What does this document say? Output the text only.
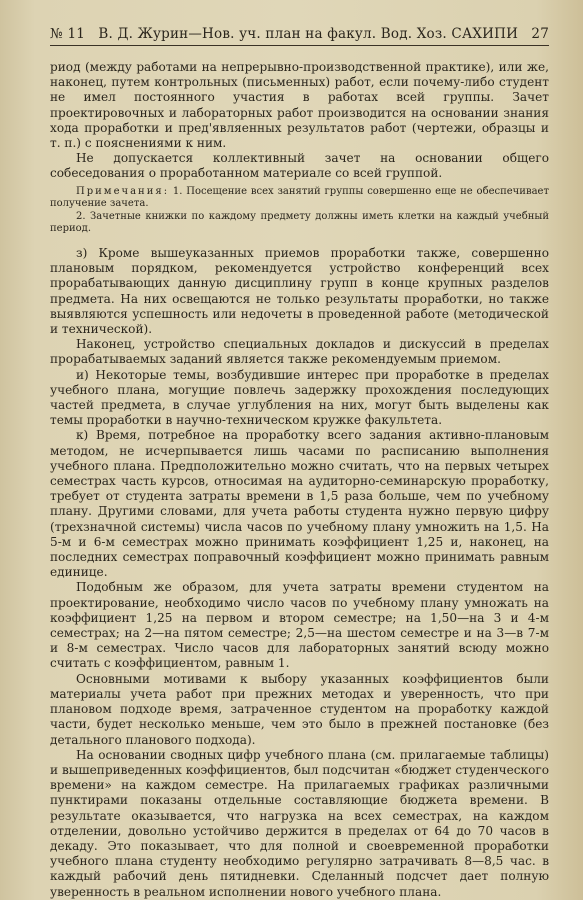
№ 11 В. Д. Журин—Нов. уч. план на факул. Вод. Хоз. САХИПИ 27

риод (между работами на непрерывно-производственной практике), или же, наконец, путем контрольных (письменных) работ, если почему-либо студент не имел постоянного участия в работах всей группы. Зачет проектировочных и лабораторных работ производится на основании знания хода проработки и пред'являенных результатов работ (чертежи, образцы и т. п.) с пояснениями к ним.

Не допускается коллективный зачет на основании общего собеседования о проработанном материале со всей группой.

Примечания: 1. Посещение всех занятий группы совершенно еще не обеспечивает получение зачета.

2. Зачетные книжки по каждому предмету должны иметь клетки на каждый учебный период.

з) Кроме вышеуказанных приемов проработки также, совершенно плановым порядком, рекомендуется устройство конференций всех прорабатывающих данную дисциплину групп в конце крупных разделов предмета. На них освещаются не только результаты проработки, но также выявляются успешность или недочеты в проведенной работе (методической и технической).

Наконец, устройство специальных докладов и дискуссий в пределах прорабатываемых заданий является также рекомендуемым приемом.

и) Некоторые темы, возбудившие интерес при проработке в пределах учебного плана, могущие повлечь задержку прохождения последующих частей предмета, в случае углубления на них, могут быть выделены как темы проработки в научно-техническом кружке факультета.

к) Время, потребное на проработку всего задания активно-плановым методом, не исчерпывается лишь часами по расписанию выполнения учебного плана. Предположительно можно считать, что на первых четырех семестрах часть курсов, относимая на аудиторно-семинарскую проработку, требует от студента затраты времени в 1,5 раза больше, чем по учебному плану. Другими словами, для учета работы студента нужно первую цифру (трехзначной системы) числа часов по учебному плану умножить на 1,5. На 5-м и 6-м семестрах можно принимать коэффициент 1,25 и, наконец, на последних семестрах поправочный коэффициент можно принимать равным единице.

Подобным же образом, для учета затраты времени студентом на проектирование, необходимо число часов по учебному плану умножать на коэффициент 1,25 на первом и втором семестре; на 1,50—на 3 и 4-м семестрах; на 2—на пятом семестре; 2,5—на шестом семестре и на 3—в 7-м и 8-м семестрах. Число часов для лабораторных занятий всюду можно считать с коэффициентом, равным 1.

Основными мотивами к выбору указанных коэффициентов были материалы учета работ при прежних методах и уверенность, что при плановом подходе время, затраченное студентом на проработку каждой части, будет несколько меньше, чем это было в прежней постановке (без детального планового подхода).

На основании сводных цифр учебного плана (см. прилагаемые таблицы) и вышеприведенных коэффициентов, был подсчитан «бюджет студенческого времени» на каждом семестре. На прилагаемых графиках различными пунктирами показаны отдельные составляющие бюджета времени. В результате оказывается, что нагрузка на всех семестрах, на каждом отделении, довольно устойчиво держится в пределах от 64 до 70 часов в декаду. Это показывает, что для полной и своевременной проработки учебного плана студенту необходимо регулярно затрачивать 8—8,5 час. в каждый рабочий день пятидневки. Сделанный подсчет дает полную уверенность в реальном исполнении нового учебного плана.
